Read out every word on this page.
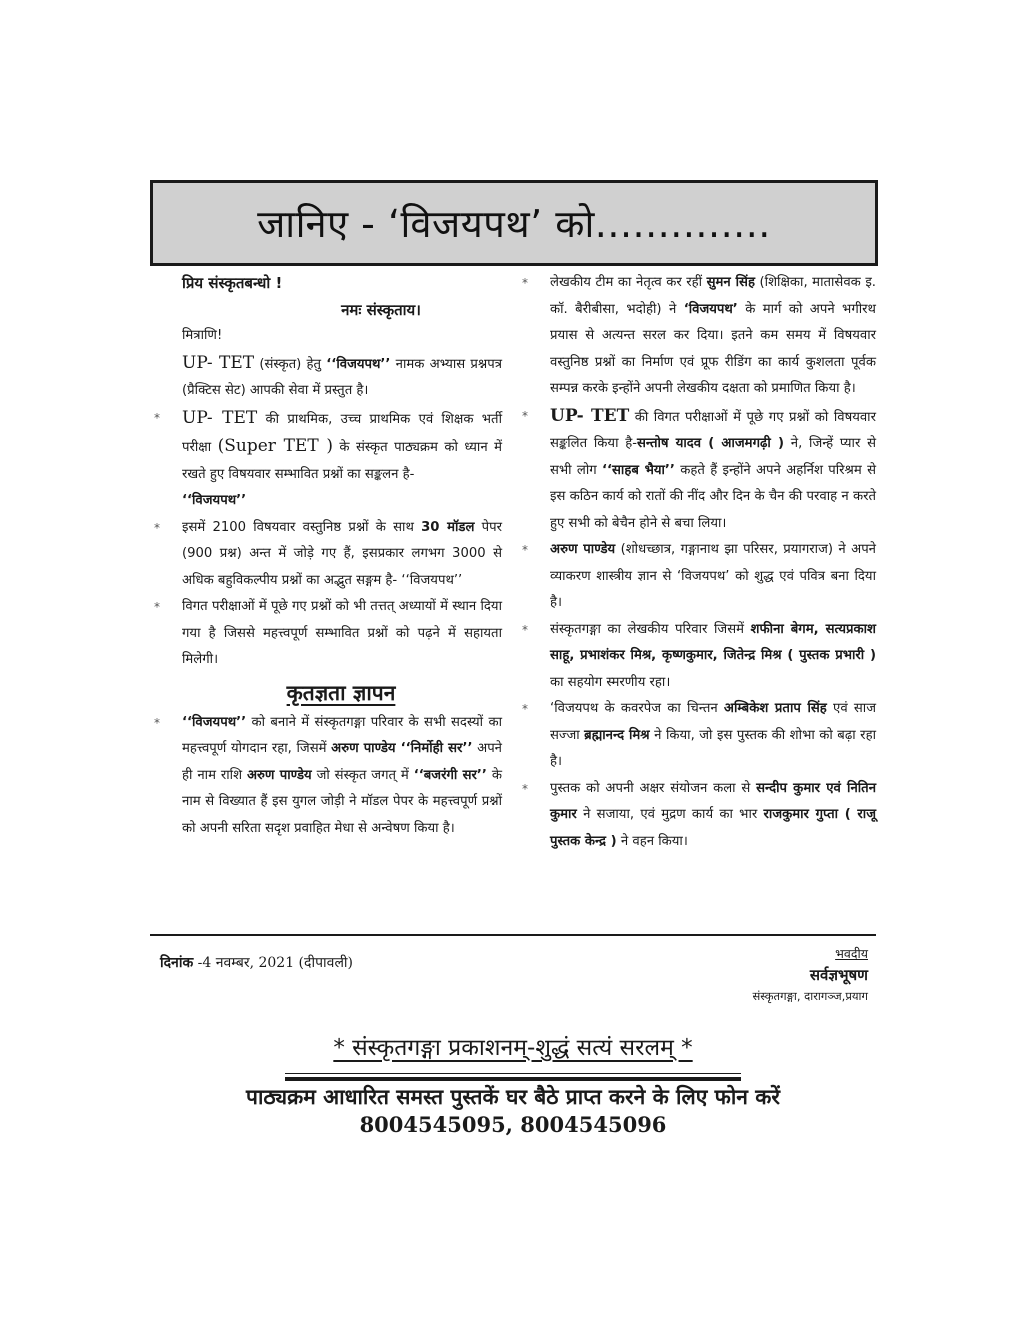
जानिए - ‘विजयपथ’ को..............
प्रिय संस्कृतबन्धो !
नमः संस्कृताय।
मित्राणि!
UP- TET (संस्कृत) हेतु ‘‘विजयपथ’’ नामक अभ्यास प्रश्नपत्र (प्रैक्टिस सेट) आपकी सेवा में प्रस्तुत है।
* UP- TET की प्राथमिक, उच्च प्राथमिक एवं शिक्षक भर्ती परीक्षा (Super TET ) के संस्कृत पाठ्यक्रम को ध्यान में रखते हुए विषयवार सम्भावित प्रश्नों का सङ्कलन है-
‘‘विजयपथ’’
*	इसमें 2100 विषयवार वस्तुनिष्ठ प्रश्नों के साथ 30 मॉडल पेपर (900 प्रश्न) अन्त में जोड़े गए हैं, इसप्रकार लगभग 3000 से अधिक बहुविकल्पीय प्रश्नों का अद्भुत सङ्गम है- ‘‘विजयपथ’’
*	विगत परीक्षाओं में पूछे गए प्रश्नों को भी तत्तत् अध्यायों में स्थान दिया गया है जिससे महत्त्वपूर्ण सम्भावित प्रश्नों को पढ़ने में सहायता मिलेगी।
कृतज्ञता ज्ञापन
*	‘‘विजयपथ’’ को बनाने में संस्कृतगङ्गा परिवार के सभी सदस्यों का महत्त्वपूर्ण योगदान रहा, जिसमें अरुण पाण्डेय ‘‘निर्मोही सर’’ अपने ही नाम राशि अरुण पाण्डेय जो संस्कृत जगत् में ‘‘बजरंगी सर’’ के नाम से विख्यात हैं इस युगल जोड़ी ने मॉडल पेपर के महत्त्वपूर्ण प्रश्नों को अपनी सरिता सदृश प्रवाहित मेधा से अन्वेषण किया है।
*	लेखकीय टीम का नेतृत्व कर रहीं सुमन सिंह (शिक्षिका, मातासेवक इ. कॉ. बैरीबीसा, भदोही) ने ‘विजयपथ’ के मार्ग को अपने भगीरथ प्रयास से अत्यन्त सरल कर दिया। इतने कम समय में विषयवार वस्तुनिष्ठ प्रश्नों का निर्माण एवं प्रूफ रीडिंग का कार्य कुशलता पूर्वक सम्पन्न करके इन्होंने अपनी लेखकीय दक्षता को प्रमाणित किया है।
* UP- TET की विगत परीक्षाओं में पूछे गए प्रश्नों को विषयवार सङ्कलित किया है-सन्तोष यादव ( आजमगढ़ी ) ने, जिन्हें प्यार से सभी लोग ‘‘साहब भैया’’ कहते हैं इन्होंने अपने अहर्निश परिश्रम से इस कठिन कार्य को रातों की नींद और दिन के चैन की परवाह न करते हुए सभी को बेचैन होने से बचा लिया।
*	अरुण पाण्डेय (शोधच्छात्र, गङ्गानाथ झा परिसर, प्रयागराज) ने अपने व्याकरण शास्त्रीय ज्ञान से ‘विजयपथ’ को शुद्ध एवं पवित्र बना दिया है।
*	संस्कृतगङ्गा का लेखकीय परिवार जिसमें शफीना बेगम, सत्यप्रकाश साहू, प्रभाशंकर मिश्र, कृष्णकुमार, जितेन्द्र मिश्र ( पुस्तक प्रभारी ) का सहयोग स्मरणीय रहा।
*	‘विजयपथ के कवरपेज का चिन्तन अम्बिकेश प्रताप सिंह एवं साज सज्जा ब्रह्मानन्द मिश्र ने किया, जो इस पुस्तक की शोभा को बढ़ा रहा है।
*	पुस्तक को अपनी अक्षर संयोजन कला से सन्दीप कुमार एवं नितिन कुमार ने सजाया, एवं मुद्रण कार्य का भार राजकुमार गुप्ता ( राजू पुस्तक केन्द्र ) ने वहन किया।
दिनांक -4 नवम्बर, 2021 (दीपावली)
भवदीय
सर्वज्ञभूषण
संस्कृतगङ्गा, दारागञ्ज,प्रयाग
* संस्कृतगङ्गा प्रकाशनम्-शुद्धं सत्यं सरलम् *
पाठ्यक्रम आधारित समस्त पुस्तकें घर बैठे प्राप्त करने के लिए फोन करें
8004545095, 8004545096
